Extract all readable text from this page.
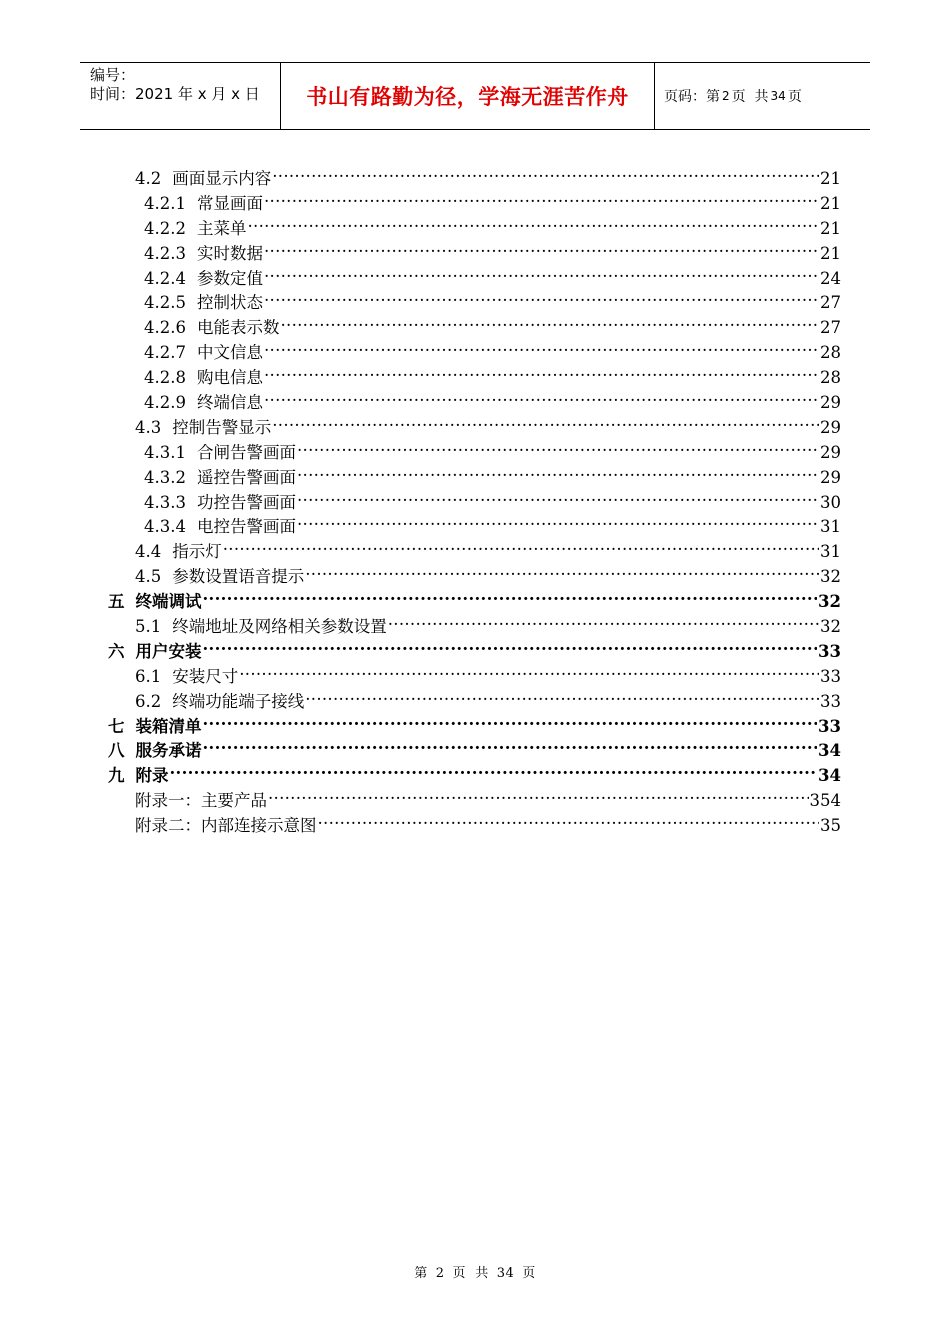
编号：
时间：2021 年 x 月 x 日	书山有路勤为径，学海无涯苦作舟	页码：第 2 页  共 34 页
4.2 画面显示内容 .....	21
4.2.1 常显画面 .....	21
4.2.2 主菜单 .....	21
4.2.3 实时数据 .....	21
4.2.4 参数定值 .....	24
4.2.5 控制状态 .....	27
4.2.6 电能表示数 .....	27
4.2.7 中文信息 .....	28
4.2.8 购电信息 .....	28
4.2.9 终端信息 .....	29
4.3 控制告警显示 .....	29
4.3.1 合闸告警画面 .....	29
4.3.2 遥控告警画面 .....	29
4.3.3 功控告警画面 .....	30
4.3.4 电控告警画面 .....	31
4.4 指示灯 .....	31
4.5 参数设置语音提示 .....	32
五 终端调试 .....	32
5.1 终端地址及网络相关参数设置 .....	32
六 用户安装 .....	33
6.1 安装尺寸 .....	33
6.2 终端功能端子接线 .....	33
七 装箱清单 .....	33
八 服务承诺 .....	34
九 附录 .....	34
附录一：主要产品 .....	354
附录二：内部连接示意图 .....	35
第 2 页  共 34 页
